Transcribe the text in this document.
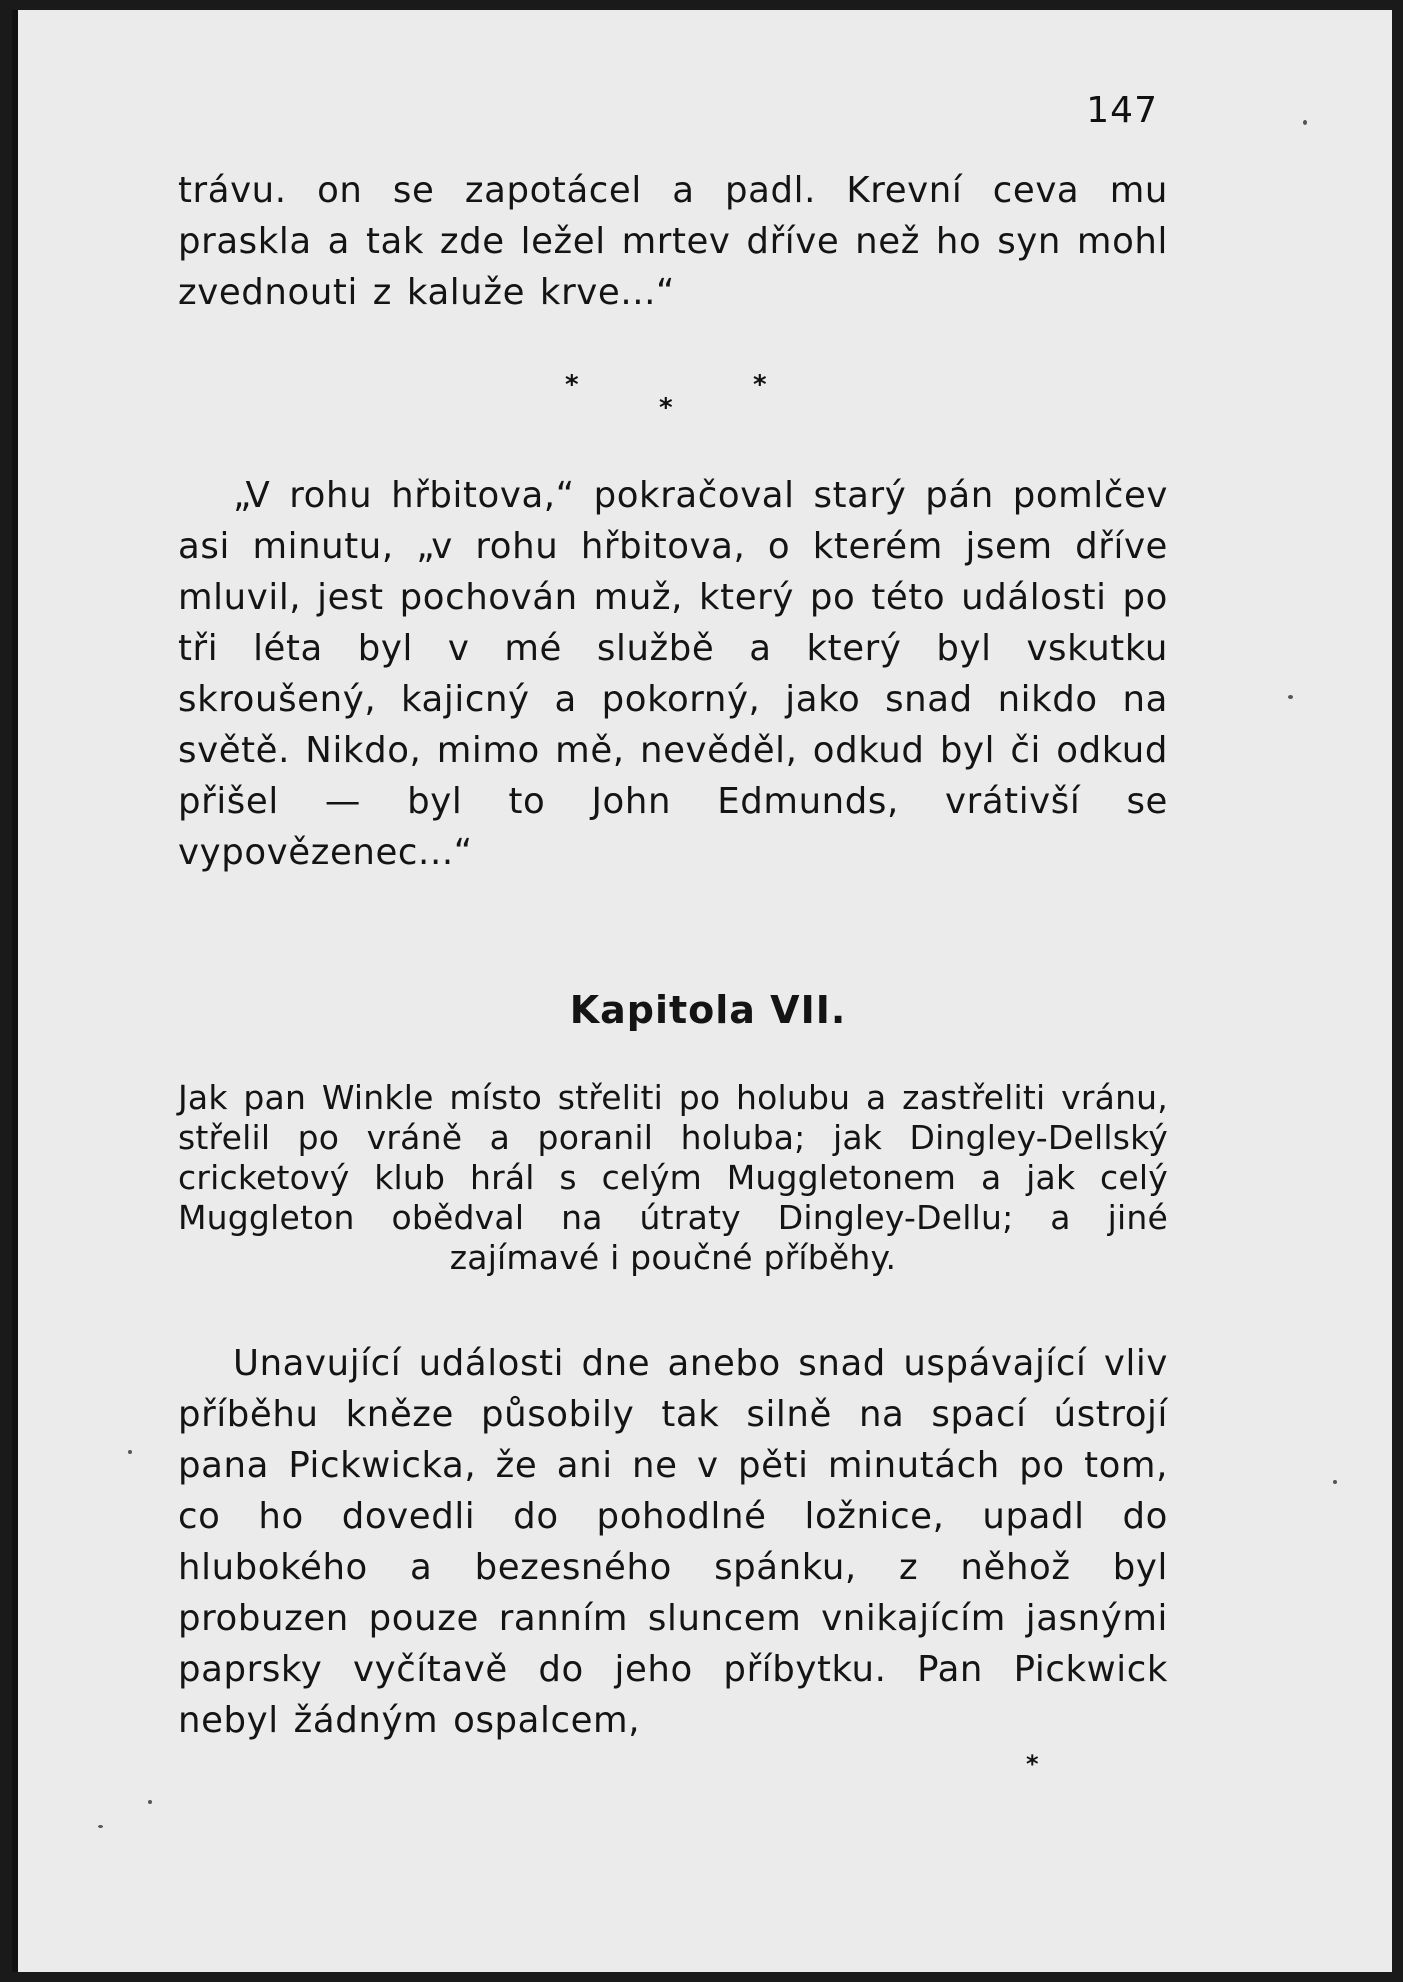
147

trávu. on se zapotácel a padl. Krevní ceva mu praskla a tak zde ležel mrtev dříve než ho syn mohl zvednouti z kaluže krve...“

*
*
*

„V rohu hřbitova,“ pokračoval starý pán pomlčev asi minutu, „v rohu hřbitova, o kterém jsem dříve mluvil, jest pochován muž, který po této události po tři léta byl v mé službě a který byl vskutku skroušený, kajicný a pokorný, jako snad nikdo na světě. Nikdo, mimo mě, nevěděl, odkud byl či odkud přišel — byl to John Edmunds, vrátivší se vypovězenec...“

Kapitola VII.
Jak pan Winkle místo střeliti po holubu a zastřeliti vránu, střelil po vráně a poranil holuba; jak Dingley-Dellský cricketový klub hrál s celým Muggletonem a jak celý Muggleton obědval na útraty Dingley-Dellu; a jiné zajímavé i poučné příběhy.

Unavující události dne anebo snad uspávající vliv příběhu kněze působily tak silně na spací ústrojí pana Pickwicka, že ani ne v pěti minutách po tom, co ho dovedli do pohodlné ložnice, upadl do hlubokého a bezesného spánku, z něhož byl probuzen pouze ranním sluncem vnikajícím jasnými paprsky vyčítavě do jeho příbytku. Pan Pickwick nebyl žádným ospalcem,

*
